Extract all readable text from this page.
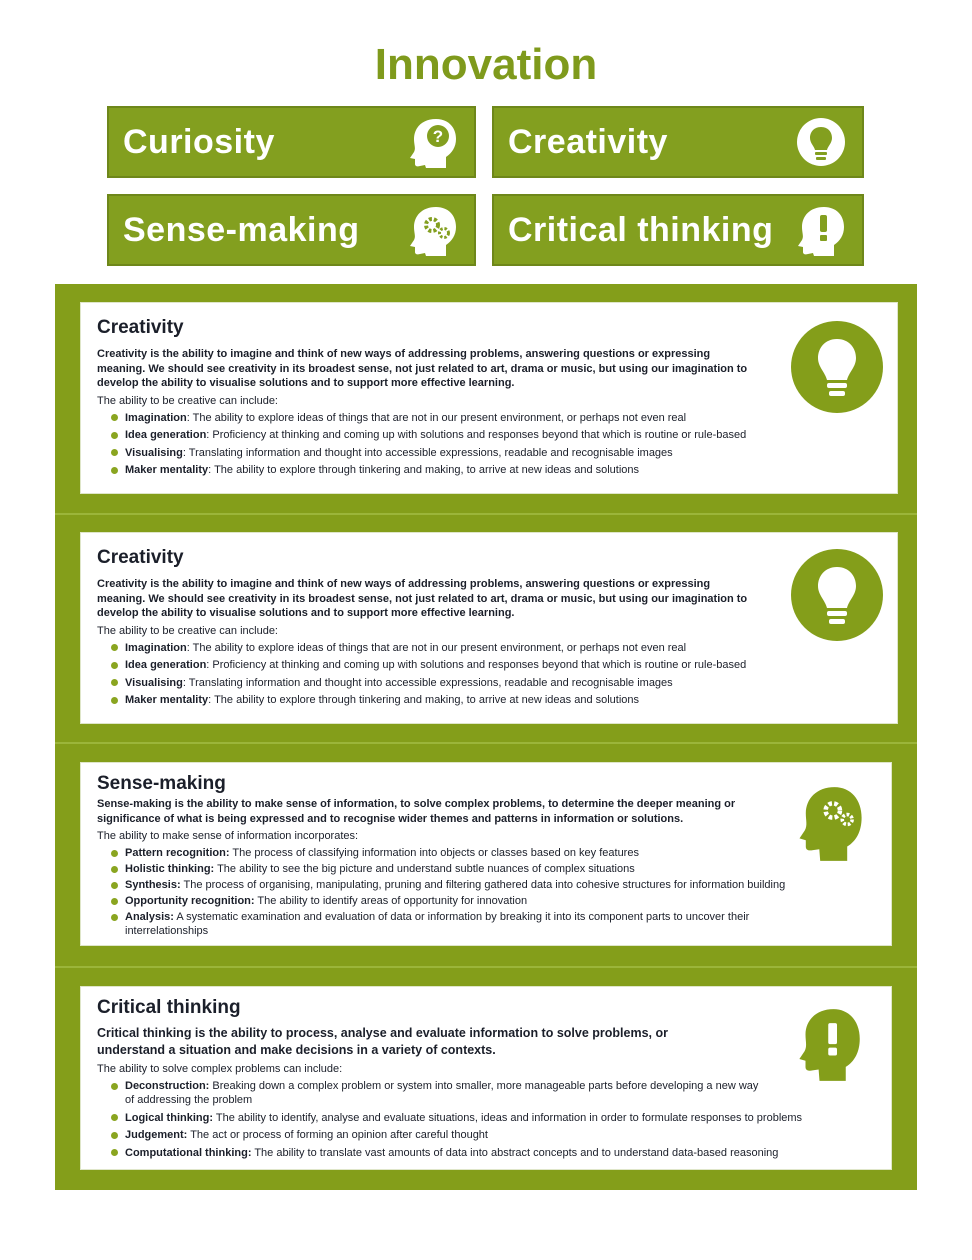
Innovation
Curiosity	? Creativity
Sense-making	Critical thinking
Creativity
Creativity is the ability to imagine and think of new ways of addressing problems, answering questions or expressing meaning. We should see creativity in its broadest sense, not just related to art, drama or music, but using our imagination to develop the ability to visualise solutions and to support more effective learning.
The ability to be creative can include:
Imagination: The ability to explore ideas of things that are not in our present environment, or perhaps not even real
Idea generation: Proficiency at thinking and coming up with solutions and responses beyond that which is routine or rule-based
Visualising: Translating information and thought into accessible expressions, readable and recognisable images
Maker mentality: The ability to explore through tinkering and making, to arrive at new ideas and solutions
Creativity
Creativity is the ability to imagine and think of new ways of addressing problems, answering questions or expressing meaning. We should see creativity in its broadest sense, not just related to art, drama or music, but using our imagination to develop the ability to visualise solutions and to support more effective learning.
The ability to be creative can include:
Imagination: The ability to explore ideas of things that are not in our present environment, or perhaps not even real
Idea generation: Proficiency at thinking and coming up with solutions and responses beyond that which is routine or rule-based
Visualising: Translating information and thought into accessible expressions, readable and recognisable images
Maker mentality: The ability to explore through tinkering and making, to arrive at new ideas and solutions
Sense-making
Sense-making is the ability to make sense of information, to solve complex problems, to determine the deeper meaning or significance of what is being expressed and to recognise wider themes and patterns in information or solutions.
The ability to make sense of information incorporates:
Pattern recognition: The process of classifying information into objects or classes based on key features
Holistic thinking: The ability to see the big picture and understand subtle nuances of complex situations
Synthesis: The process of organising, manipulating, pruning and filtering gathered data into cohesive structures for information building
Opportunity recognition: The ability to identify areas of opportunity for innovation
Analysis: A systematic examination and evaluation of data or information by breaking it into its component parts to uncover their interrelationships
Critical thinking
Critical thinking is the ability to process, analyse and evaluate information to solve problems, or understand a situation and make decisions in a variety of contexts.
The ability to solve complex problems can include:
Deconstruction: Breaking down a complex problem or system into smaller, more manageable parts before developing a new way of addressing the problem
Logical thinking: The ability to identify, analyse and evaluate situations, ideas and information in order to formulate responses to problems
Judgement: The act or process of forming an opinion after careful thought
Computational thinking: The ability to translate vast amounts of data into abstract concepts and to understand data-based reasoning
